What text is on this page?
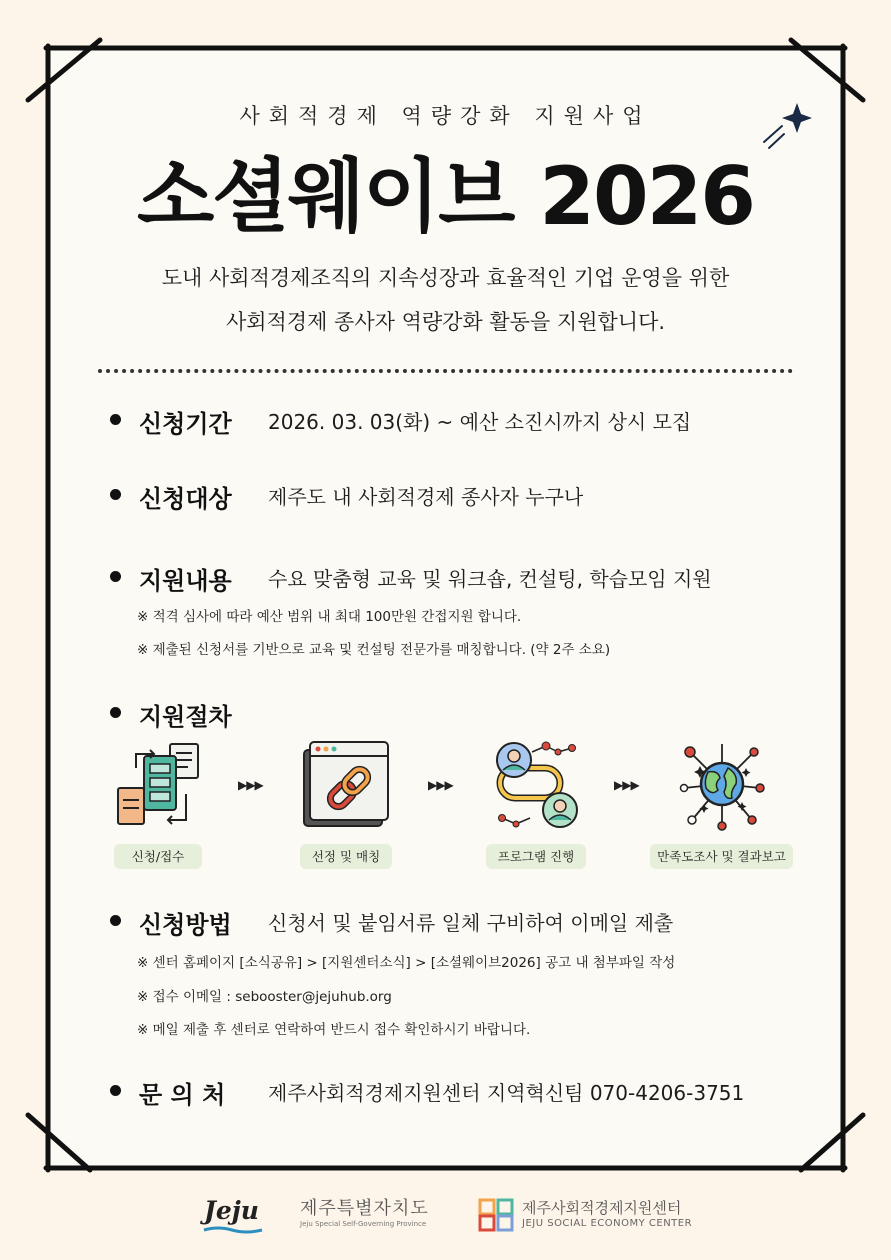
사회적경제 역량강화 지원사업
소셜웨이브 2026
도내 사회적경제조직의 지속성장과 효율적인 기업 운영을 위한
사회적경제 종사자 역량강화 활동을 지원합니다.
신청기간 2026. 03. 03(화) ~ 예산 소진시까지 상시 모집
신청대상 제주도 내 사회적경제 종사자 누구나
지원내용 수요 맞춤형 교육 및 워크숍, 컨설팅, 학습모임 지원
※ 적격 심사에 따라 예산 범위 내 최대 100만원 간접지원 합니다.
※ 제출된 신청서를 기반으로 교육 및 컨설팅 전문가를 매칭합니다. (약 2주 소요)
지원절차
▶▶▶	▶▶▶	▶▶▶
신청/접수	선정 및 매칭	프로그램 진행	만족도조사 및 결과보고
신청방법 신청서 및 붙임서류 일체 구비하여 이메일 제출
※ 센터 홈페이지 [소식공유] > [지원센터소식] > [소셜웨이브2026] 공고 내 첨부파일 작성
※ 접수 이메일 : sebooster@jejuhub.org
※ 메일 제출 후 센터로 연락하여 반드시 접수 확인하시기 바랍니다.
문 의 처 제주사회적경제지원센터 지역혁신팀 070-4206-3751
Jeju 제주특별자치도
Jeju Special Self-Governing Province
제주사회적경제지원센터
JEJU SOCIAL ECONOMY CENTER
